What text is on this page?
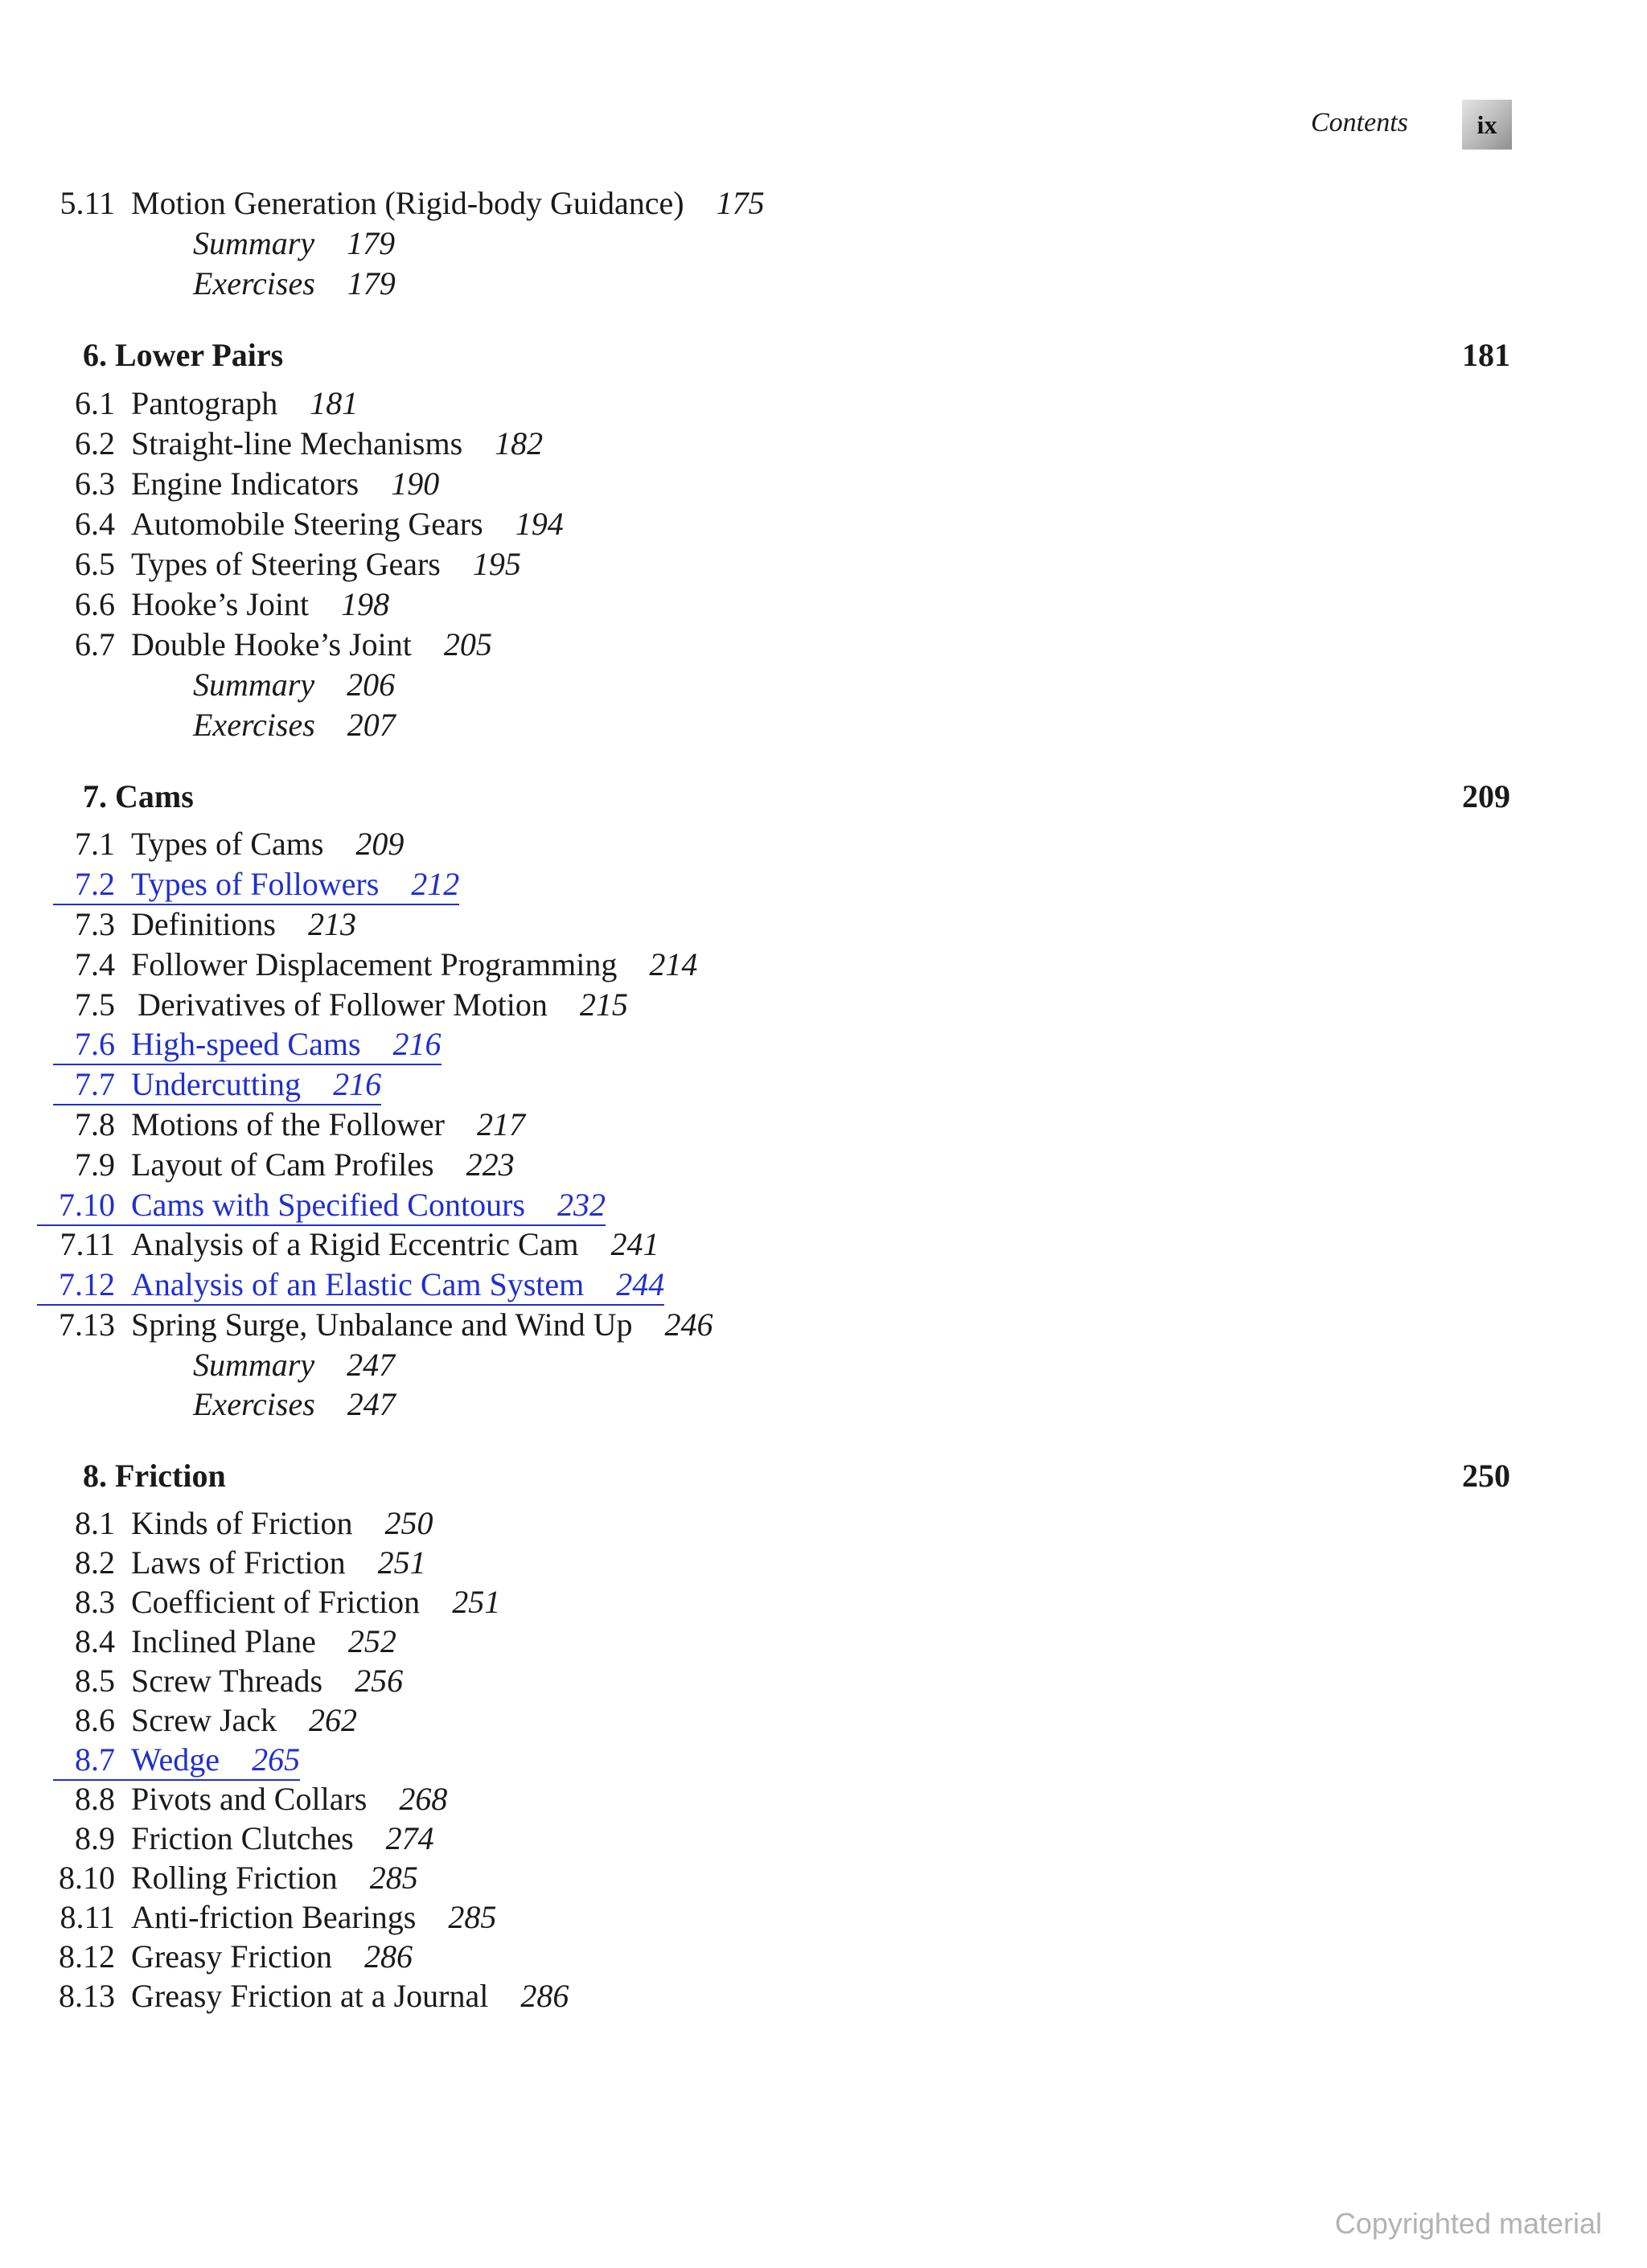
Contents	ix
5.11 Motion Generation (Rigid-body Guidance) 175
Summary 179
Exercises 179
6. Lower Pairs	181
6.1 Pantograph 181
6.2 Straight-line Mechanisms 182
6.3 Engine Indicators 190
6.4 Automobile Steering Gears 194
6.5 Types of Steering Gears 195
6.6 Hooke’s Joint 198
6.7 Double Hooke’s Joint 205
Summary 206
Exercises 207
7. Cams	209
7.1 Types of Cams 209
7.2 Types of Followers 212
7.3 Definitions 213
7.4 Follower Displacement Programming 214
7.5 Derivatives of Follower Motion 215
7.6 High-speed Cams 216
7.7 Undercutting 216
7.8 Motions of the Follower 217
7.9 Layout of Cam Profiles 223
7.10 Cams with Specified Contours 232
7.11 Analysis of a Rigid Eccentric Cam 241
7.12 Analysis of an Elastic Cam System 244
7.13 Spring Surge, Unbalance and Wind Up 246
Summary 247
Exercises 247
8. Friction	250
8.1 Kinds of Friction 250
8.2 Laws of Friction 251
8.3 Coefficient of Friction 251
8.4 Inclined Plane 252
8.5 Screw Threads 256
8.6 Screw Jack 262
8.7 Wedge 265
8.8 Pivots and Collars 268
8.9 Friction Clutches 274
8.10 Rolling Friction 285
8.11 Anti-friction Bearings 285
8.12 Greasy Friction 286
8.13 Greasy Friction at a Journal 286
Copyrighted material
